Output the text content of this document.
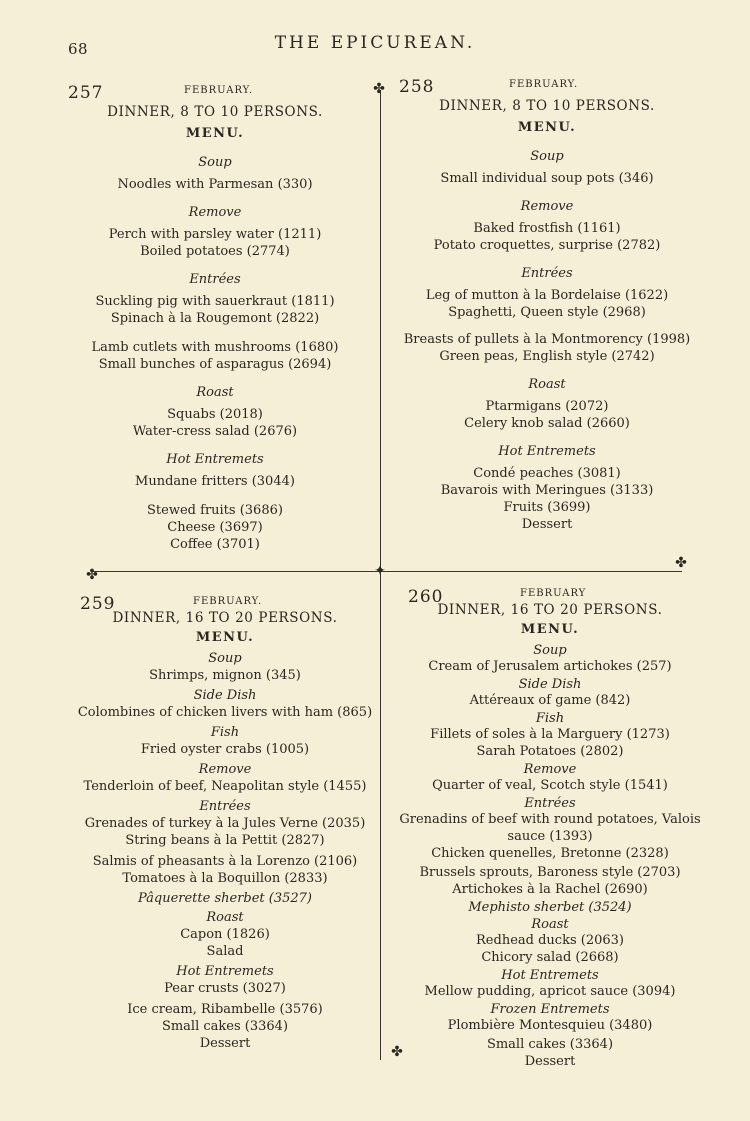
68	THE EPICUREAN.
✤
✦
✤
✤
✤
257	FEBRUARY.
DINNER, 8 TO 10 PERSONS.
MENU.
Soup
Noodles with Parmesan (330)
Remove
Perch with parsley water (1211)
Boiled potatoes (2774)
Entrées
Suckling pig with sauerkraut (1811)
Spinach à la Rougemont (2822)
Lamb cutlets with mushrooms (1680)
Small bunches of asparagus (2694)
Roast
Squabs (2018)
Water-cress salad (2676)
Hot Entremets
Mundane fritters (3044)
Stewed fruits (3686)
Cheese (3697)
Coffee (3701)
258	FEBRUARY.
DINNER, 8 TO 10 PERSONS.
MENU.
Soup
Small individual soup pots (346)
Remove
Baked frostfish (1161)
Potato croquettes, surprise (2782)
Entrées
Leg of mutton à la Bordelaise (1622)
Spaghetti, Queen style (2968)
Breasts of pullets à la Montmorency (1998)
Green peas, English style (2742)
Roast
Ptarmigans (2072)
Celery knob salad (2660)
Hot Entremets
Condé peaches (3081)
Bavarois with Meringues (3133)
Fruits (3699)
Dessert
259	FEBRUARY.
DINNER, 16 TO 20 PERSONS.
MENU.
Soup
Shrimps, mignon (345)
Side Dish
Colombines of chicken livers with ham (865)
Fish
Fried oyster crabs (1005)
Remove
Tenderloin of beef, Neapolitan style (1455)
Entrées
Grenades of turkey à la Jules Verne (2035)
String beans à la Pettit (2827)
Salmis of pheasants à la Lorenzo (2106)
Tomatoes à la Boquillon (2833)
Pâquerette sherbet (3527)
Roast
Capon (1826)
Salad
Hot Entremets
Pear crusts (3027)
Ice cream, Ribambelle (3576)
Small cakes (3364)
Dessert
260	FEBRUARY
DINNER, 16 TO 20 PERSONS.
MENU.
Soup
Cream of Jerusalem artichokes (257)
Side Dish
Attéreaux of game (842)
Fish
Fillets of soles à la Marguery (1273)
Sarah Potatoes (2802)
Remove
Quarter of veal, Scotch style (1541)
Entrées
Grenadins of beef with round potatoes, Valois
sauce (1393)
Chicken quenelles, Bretonne (2328)
Brussels sprouts, Baroness style (2703)
Artichokes à la Rachel (2690)
Mephisto sherbet (3524)
Roast
Redhead ducks (2063)
Chicory salad (2668)
Hot Entremets
Mellow pudding, apricot sauce (3094)
Frozen Entremets
Plombière Montesquieu (3480)
Small cakes (3364)
Dessert
